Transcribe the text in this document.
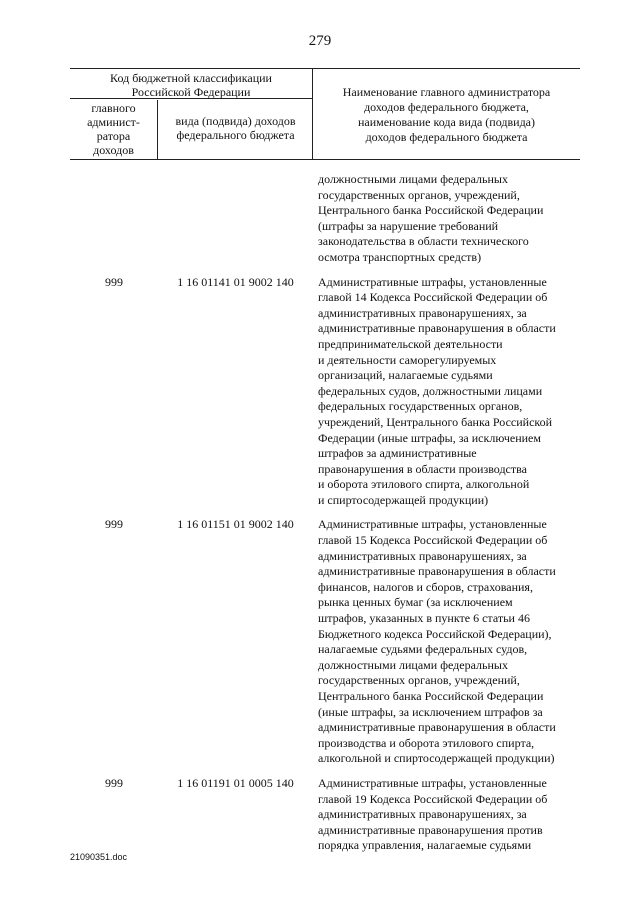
279
Код бюджетной классификации
Российской Федерации
главного
админист-
ратора
доходов
вида (подвида) доходов
федерального бюджета
Наименование главного администратора
доходов федерального бюджета,
наименование кода вида (подвида)
доходов федерального бюджета
должностными лицами федеральных
государственных органов, учреждений,
Центрального банка Российской Федерации
(штрафы за нарушение требований
законодательства в области технического
осмотра транспортных средств)
999	1 16 01141 01 9002 140	Административные штрафы, установленные
главой 14 Кодекса Российской Федерации об
административных правонарушениях, за
административные правонарушения в области
предпринимательской деятельности
и деятельности саморегулируемых
организаций, налагаемые судьями
федеральных судов, должностными лицами
федеральных государственных органов,
учреждений, Центрального банка Российской
Федерации (иные штрафы, за исключением
штрафов за административные
правонарушения в области производства
и оборота этилового спирта, алкогольной
и спиртосодержащей продукции)
999	1 16 01151 01 9002 140	Административные штрафы, установленные
главой 15 Кодекса Российской Федерации об
административных правонарушениях, за
административные правонарушения в области
финансов, налогов и сборов, страхования,
рынка ценных бумаг (за исключением
штрафов, указанных в пункте 6 статьи 46
Бюджетного кодекса Российской Федерации),
налагаемые судьями федеральных судов,
должностными лицами федеральных
государственных органов, учреждений,
Центрального банка Российской Федерации
(иные штрафы, за исключением штрафов за
административные правонарушения в области
производства и оборота этилового спирта,
алкогольной и спиртосодержащей продукции)
999	1 16 01191 01 0005 140	Административные штрафы, установленные
главой 19 Кодекса Российской Федерации об
административных правонарушениях, за
административные правонарушения против
порядка управления, налагаемые судьями
21090351.doc
